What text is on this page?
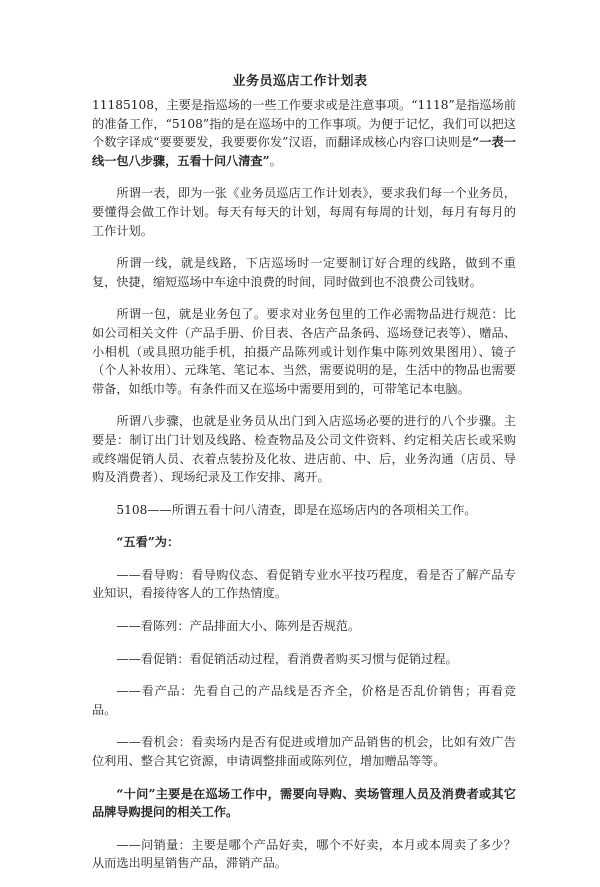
业务员巡店工作计划表

11185108，主要是指巡场的一些工作要求或是注意事项。“1118”是指巡场前的准备工作，“5108”指的是在巡场中的工作事项。为便于记忆，我们可以把这个数字译成“要要要发，我要要你发”汉语，而翻译成核心内容口诀则是“一表一线一包八步骤，五看十问八清查”。

所谓一表，即为一张《业务员巡店工作计划表》，要求我们每一个业务员，要懂得会做工作计划。每天有每天的计划，每周有每周的计划，每月有每月的工作计划。

所谓一线，就是线路，下店巡场时一定要制订好合理的线路，做到不重复，快捷，缩短巡场中车途中浪费的时间，同时做到也不浪费公司钱财。

所谓一包，就是业务包了。要求对业务包里的工作必需物品进行规范：比如公司相关文件（产品手册、价目表、各店产品条码、巡场登记表等）、赠品、小相机（或具照功能手机，拍摄产品陈列或计划作集中陈列效果图用）、镜子（个人补妆用）、元珠笔、笔记本、当然，需要说明的是，生活中的物品也需要带备，如纸巾等。有条件而又在巡场中需要用到的，可带笔记本电脑。

所谓八步骤，也就是业务员从出门到入店巡场必要的进行的八个步骤。主要是：制订出门计划及线路、检查物品及公司文件资料、约定相关店长或采购或终端促销人员、衣着点装扮及化妆、进店前、中、后，业务沟通（店员、导购及消费者）、现场纪录及工作安排、离开。

5108——所谓五看十问八清查，即是在巡场店内的各项相关工作。

“五看”为：

——看导购：看导购仪态、看促销专业水平技巧程度，看是否了解产品专业知识，看接待客人的工作热情度。

——看陈列：产品排面大小、陈列是否规范。

——看促销：看促销活动过程，看消费者购买习惯与促销过程。

——看产品：先看自己的产品线是否齐全，价格是否乱价销售；再看竞品。

——看机会：看卖场内是否有促进或增加产品销售的机会，比如有效广告位利用、整合其它资源，申请调整排面或陈列位，增加赠品等等。

“十问”主要是在巡场工作中，需要向导购、卖场管理人员及消费者或其它品牌导购提问的相关工作。

——问销量：主要是哪个产品好卖，哪个不好卖，本月或本周卖了多少？从而选出明星销售产品，滞销产品。
